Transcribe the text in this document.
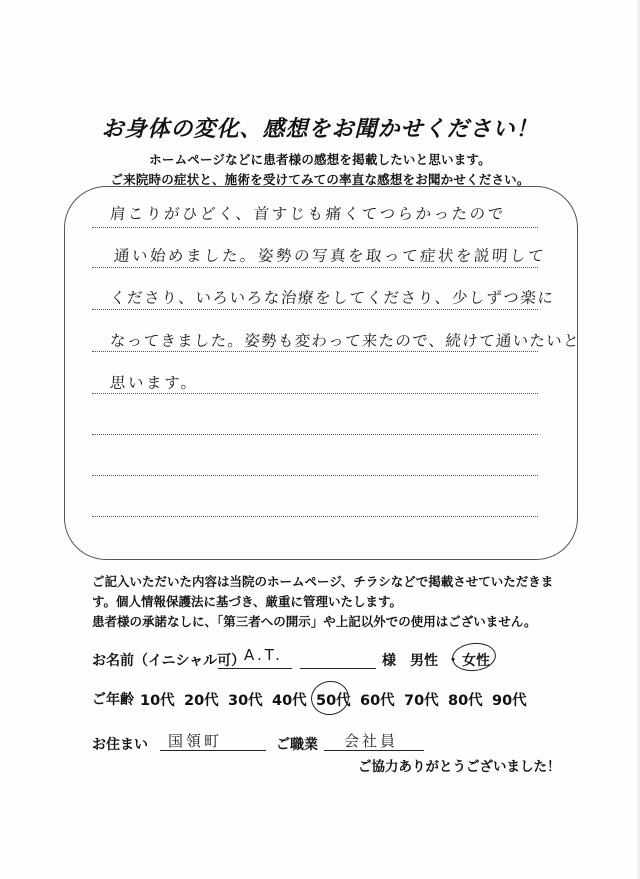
お身体の変化、感想をお聞かせください！
ホームページなどに患者様の感想を掲載したいと思います。
ご来院時の症状と、施術を受けてみての率直な感想をお聞かせください。
肩こりがひどく、首すじも痛くてつらかったので
通い始めました。姿勢の写真を取って症状を説明して
くださり、いろいろな治療をしてくださり、少しずつ楽に
なってきました。姿勢も変わって来たので、続けて通いたいと
思います。
ご記入いただいた内容は当院のホームページ、チラシなどで掲載させていただきま
す。個人情報保護法に基づき、厳重に管理いたします。
患者様の承諾なしに、「第三者への開示」や上記以外での使用はございません。
お名前（イニシャル可）
A.T.	様 男性 ・ 女性
ご年齢 10代 20代 30代 40代 50代 60代 70代 80代 90代
お住まい 国領町	ご職業 会社員
ご協力ありがとうございました！
